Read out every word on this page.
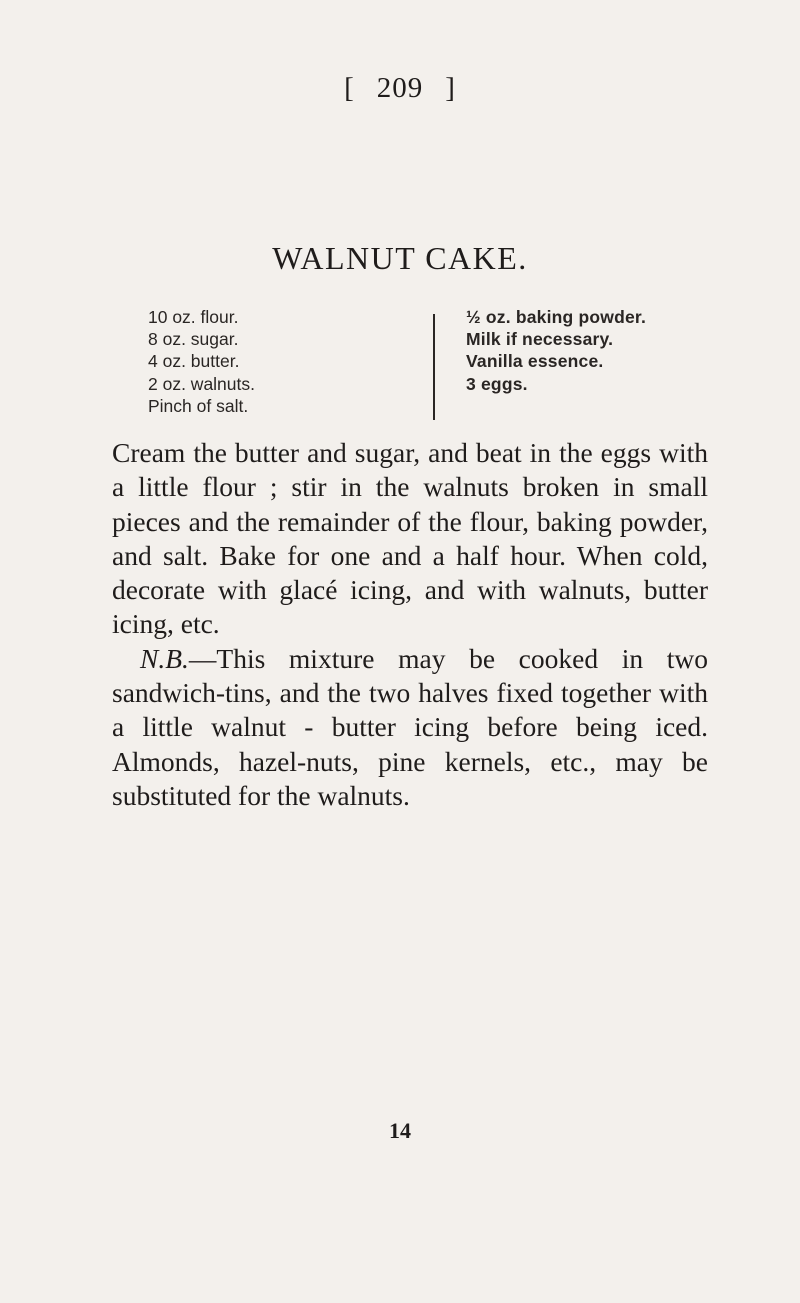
[ 209 ]
WALNUT CAKE.
10 oz. flour.
8 oz. sugar.
4 oz. butter.
2 oz. walnuts.
Pinch of salt.
½ oz. baking powder.
Milk if necessary.
Vanilla essence.
3 eggs.

Cream the butter and sugar, and beat in the eggs with a little flour ; stir in the walnuts broken in small pieces and the remainder of the flour, baking powder, and salt. Bake for one and a half hour. When cold, decorate with glacé icing, and with walnuts, butter icing, etc.

N.B.—This mixture may be cooked in two sandwich-tins, and the two halves fixed together with a little walnut - butter icing before being iced. Almonds, hazel-nuts, pine kernels, etc., may be substituted for the walnuts.

14
